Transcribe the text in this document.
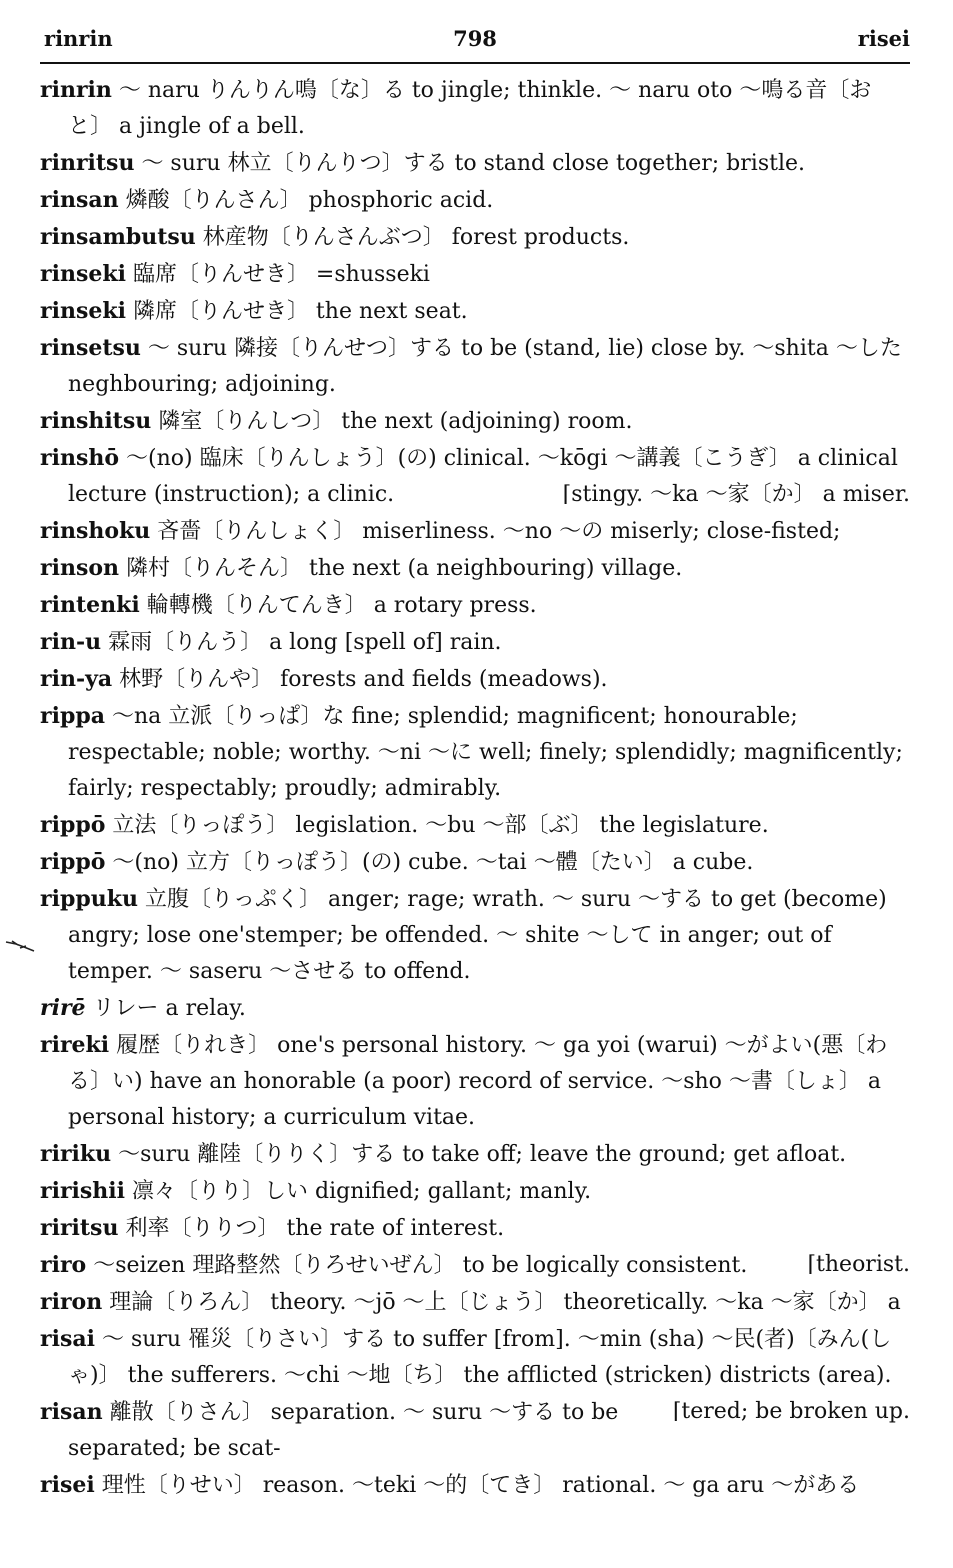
rinrin	798	risei
rinrin ～ naru りんりん鳴〔な〕る to jingle; thinkle. ～ naru oto ～鳴る音〔おと〕 a jingle of a bell.
rinritsu ～ suru 林立〔りんりつ〕する to stand close together; bristle.
rinsan 燐酸〔りんさん〕 phosphoric acid.
rinsambutsu 林産物〔りんさんぶつ〕 forest products.
rinseki 臨席〔りんせき〕 =shusseki
rinseki 隣席〔りんせき〕 the next seat.
rinsetsu ～ suru 隣接〔りんせつ〕する to be (stand, lie) close by. ～shita ～した neghbouring; adjoining.
rinshitsu 隣室〔りんしつ〕 the next (adjoining) room.
rinshō ～(no) 臨床〔りんしょう〕(の) clinical. ～kōgi ～講義〔こうぎ〕 a clinical lecture (instruction); a clinic.	⌈stingy. ～ka ～家〔か〕 a miser.
rinshoku 吝嗇〔りんしょく〕 miserliness. ～no ～の miserly; close-fisted;
rinson 隣村〔りんそん〕 the next (a neighbouring) village.
rintenki 輪轉機〔りんてんき〕 a rotary press.
rin-u 霖雨〔りんう〕 a long [spell of] rain.
rin-ya 林野〔りんや〕 forests and fields (meadows).
rippa ～na 立派〔りっぱ〕な fine; splendid; magnificent; honourable; respectable; noble; worthy. ～ni ～に well; finely; splendidly; magnificently; fairly; respectably; proudly; admirably.
rippō 立法〔りっぽう〕 legislation. ～bu ～部〔ぶ〕 the legislature.
rippō ～(no) 立方〔りっぽう〕(の) cube. ～tai ～體〔たい〕 a cube.
rippuku 立腹〔りっぷく〕 anger; rage; wrath. ～ suru ～する to get (become) angry; lose one'stemper; be offended. ～ shite ～して in anger; out of temper. ～ saseru ～させる to offend.
rirē リレー a relay.
rireki 履歴〔りれき〕 one's personal history. ～ ga yoi (warui) ～がよい(悪〔わる〕い) have an honorable (a poor) record of service. ～sho ～書〔しょ〕 a personal history; a curriculum vitae.
ririku ～suru 離陸〔りりく〕する to take off; leave the ground; get afloat.
ririshii 凛々〔りり〕しい dignified; gallant; manly.
riritsu 利率〔りりつ〕 the rate of interest.
riro ～seizen 理路整然〔りろせいぜん〕 to be logically consistent.	⌈theorist.
riron 理論〔りろん〕 theory. ～jō ～上〔じょう〕 theoretically. ～ka ～家〔か〕 a
risai ～ suru 罹災〔りさい〕する to suffer [from]. ～min (sha) ～民(者)〔みん(しゃ)〕 the sufferers. ～chi ～地〔ち〕 the afflicted (stricken) districts (area).
⌈tered; be broken up.
risan 離散〔りさん〕 separation. ～ suru ～する to be separated; be scat-
risei 理性〔りせい〕 reason. ～teki ～的〔てき〕 rational. ～ ga aru ～がある
